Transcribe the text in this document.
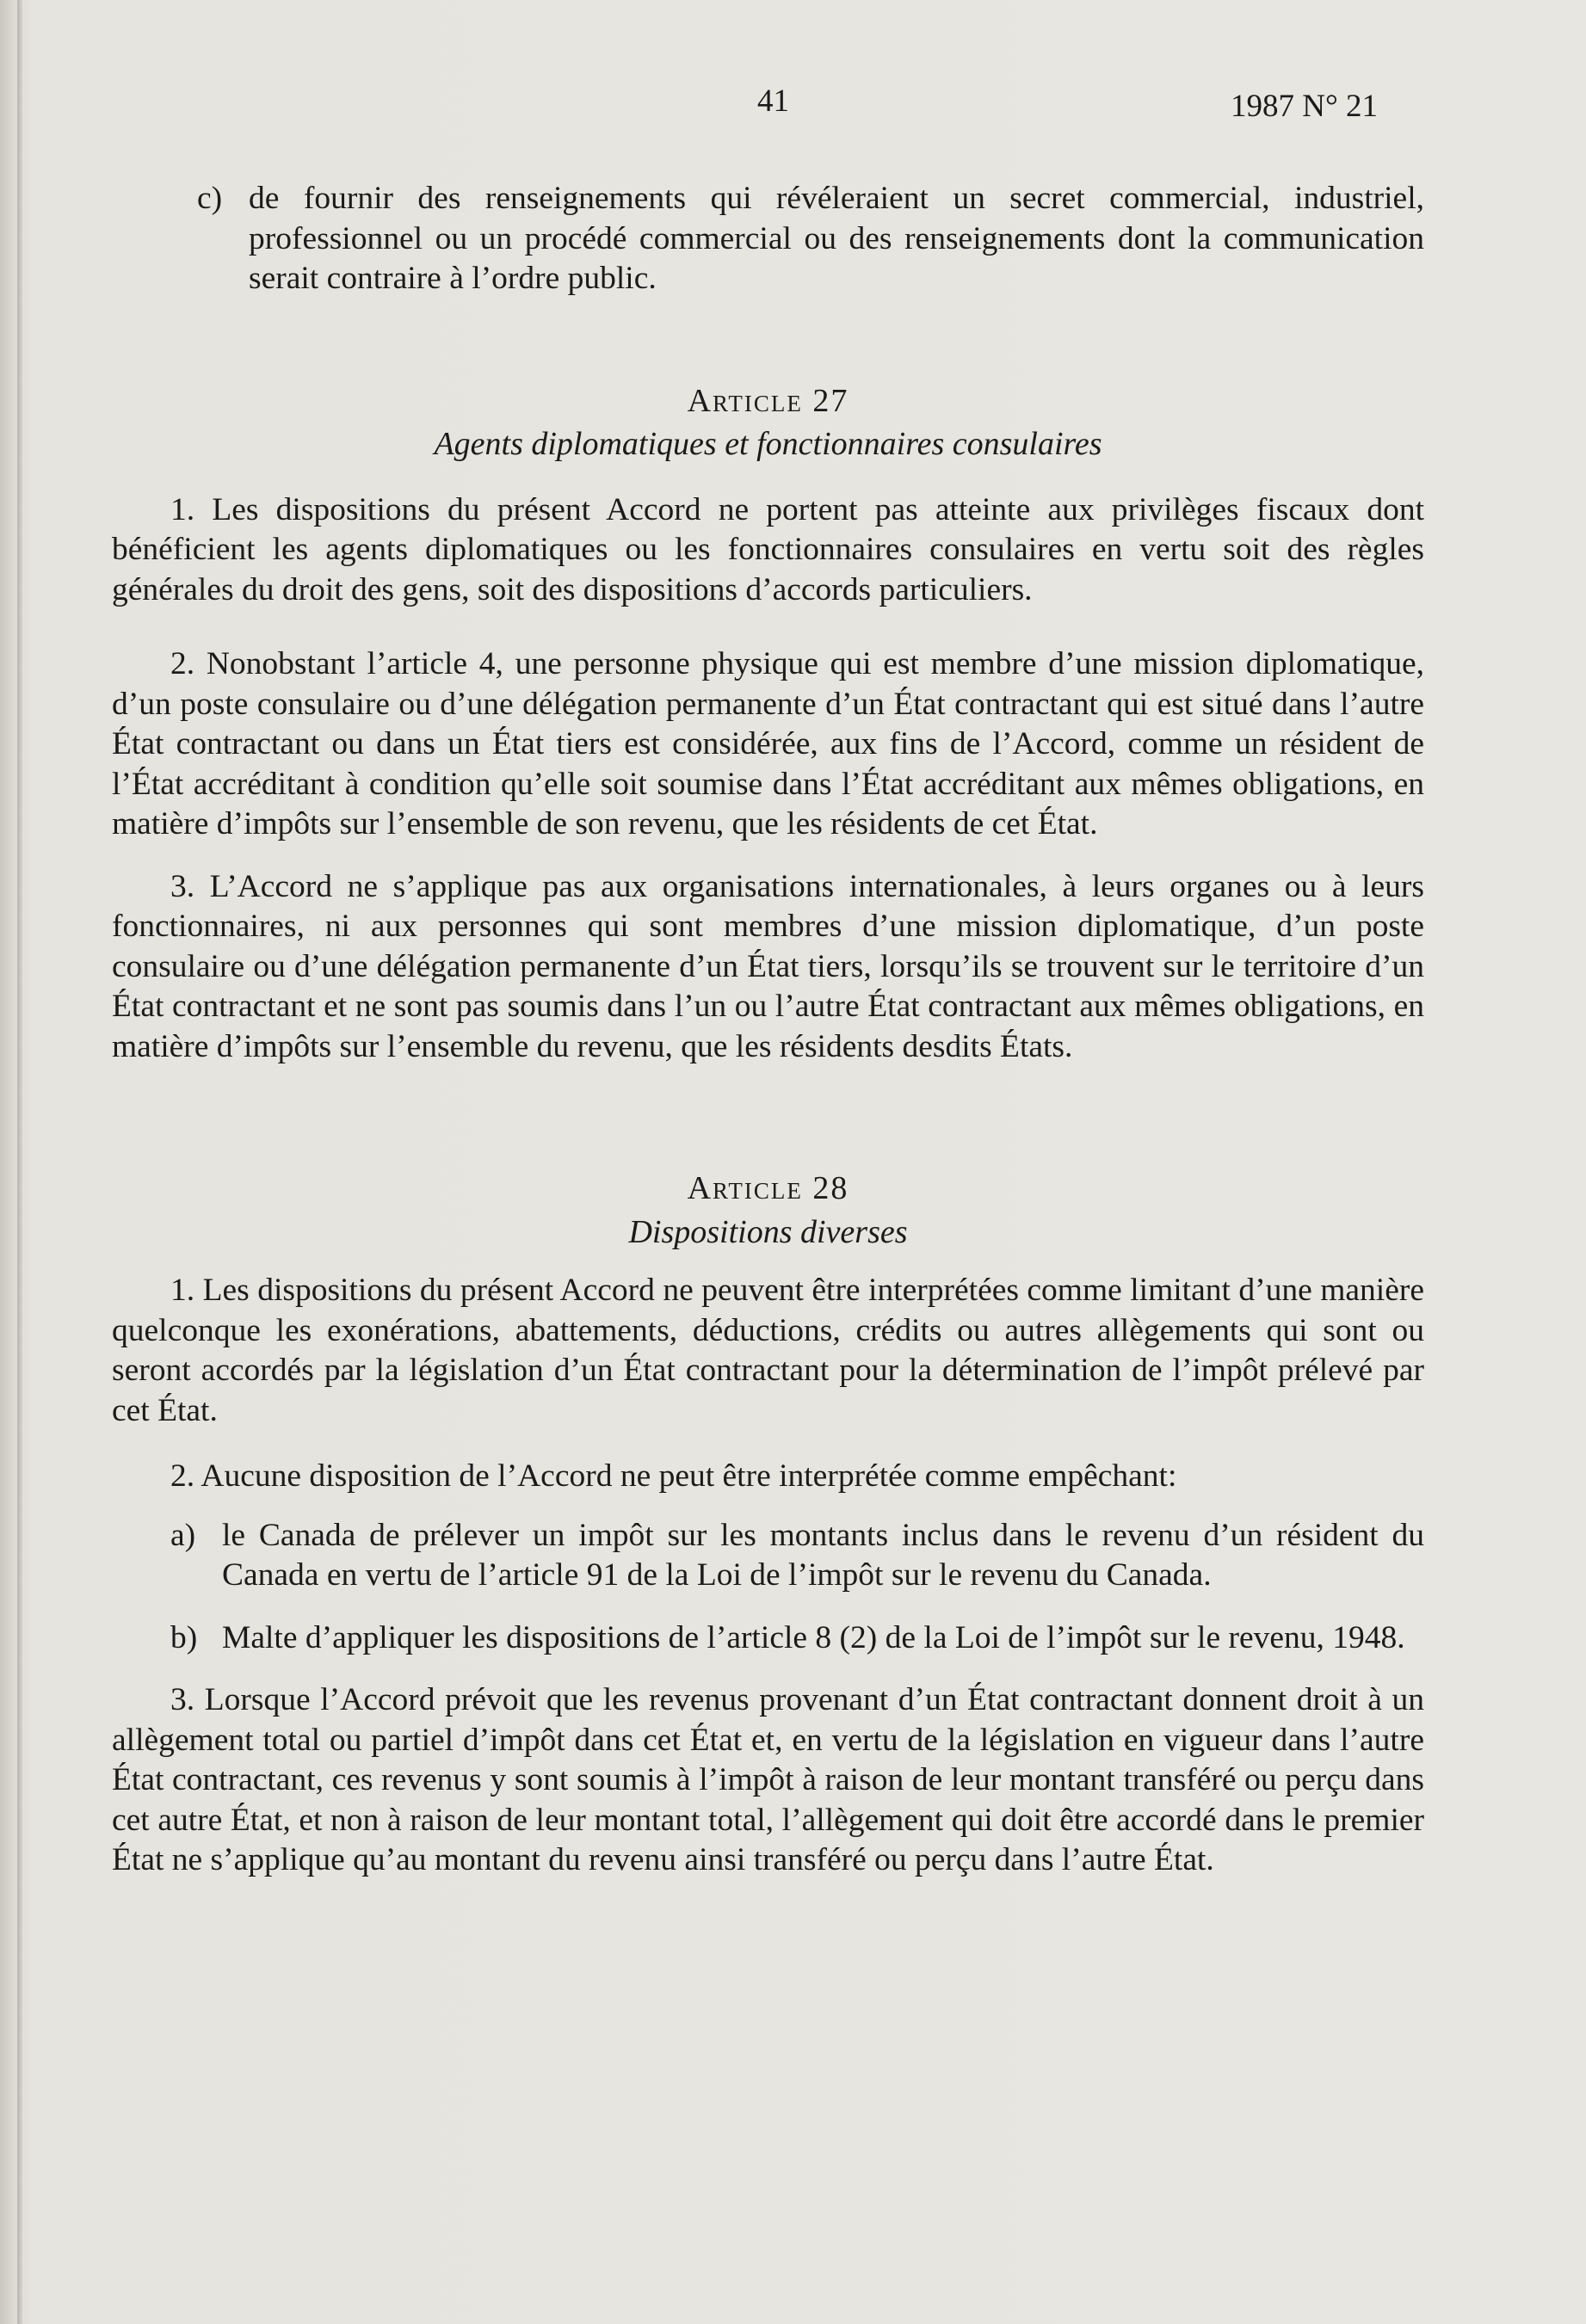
41	1987 N° 21
c) de fournir des renseignements qui révéleraient un secret commercial, industriel, professionnel ou un procédé commercial ou des renseignements dont la communication serait contraire à l’ordre public.
Article 27
Agents diplomatiques et fonctionnaires consulaires

1. Les dispositions du présent Accord ne portent pas atteinte aux privilèges fiscaux dont bénéficient les agents diplomatiques ou les fonctionnaires consulaires en vertu soit des règles générales du droit des gens, soit des dispositions d’accords particuliers.

2. Nonobstant l’article 4, une personne physique qui est membre d’une mission diplomatique, d’un poste consulaire ou d’une délégation permanente d’un État contractant qui est situé dans l’autre État contractant ou dans un État tiers est considérée, aux fins de l’Accord, comme un résident de l’État accréditant à condition qu’elle soit soumise dans l’État accréditant aux mêmes obligations, en matière d’impôts sur l’ensemble de son revenu, que les résidents de cet État.

3. L’Accord ne s’applique pas aux organisations internationales, à leurs organes ou à leurs fonctionnaires, ni aux personnes qui sont membres d’une mission diplomatique, d’un poste consulaire ou d’une délégation permanente d’un État tiers, lorsqu’ils se trouvent sur le territoire d’un État contractant et ne sont pas soumis dans l’un ou l’autre État contractant aux mêmes obligations, en matière d’impôts sur l’ensemble du revenu, que les résidents desdits États.

Article 28
Dispositions diverses

1. Les dispositions du présent Accord ne peuvent être interprétées comme limitant d’une manière quelconque les exonérations, abattements, déductions, crédits ou autres allègements qui sont ou seront accordés par la législation d’un État contractant pour la détermination de l’impôt prélevé par cet État.

2. Aucune disposition de l’Accord ne peut être interprétée comme empêchant:

a) le Canada de prélever un impôt sur les montants inclus dans le revenu d’un résident du Canada en vertu de l’article 91 de la Loi de l’impôt sur le revenu du Canada.
b) Malte d’appliquer les dispositions de l’article 8 (2) de la Loi de l’impôt sur le revenu, 1948.

3. Lorsque l’Accord prévoit que les revenus provenant d’un État contractant donnent droit à un allègement total ou partiel d’impôt dans cet État et, en vertu de la législation en vigueur dans l’autre État contractant, ces revenus y sont soumis à l’impôt à raison de leur montant transféré ou perçu dans cet autre État, et non à raison de leur montant total, l’allègement qui doit être accordé dans le premier État ne s’applique qu’au montant du revenu ainsi transféré ou perçu dans l’autre État.
